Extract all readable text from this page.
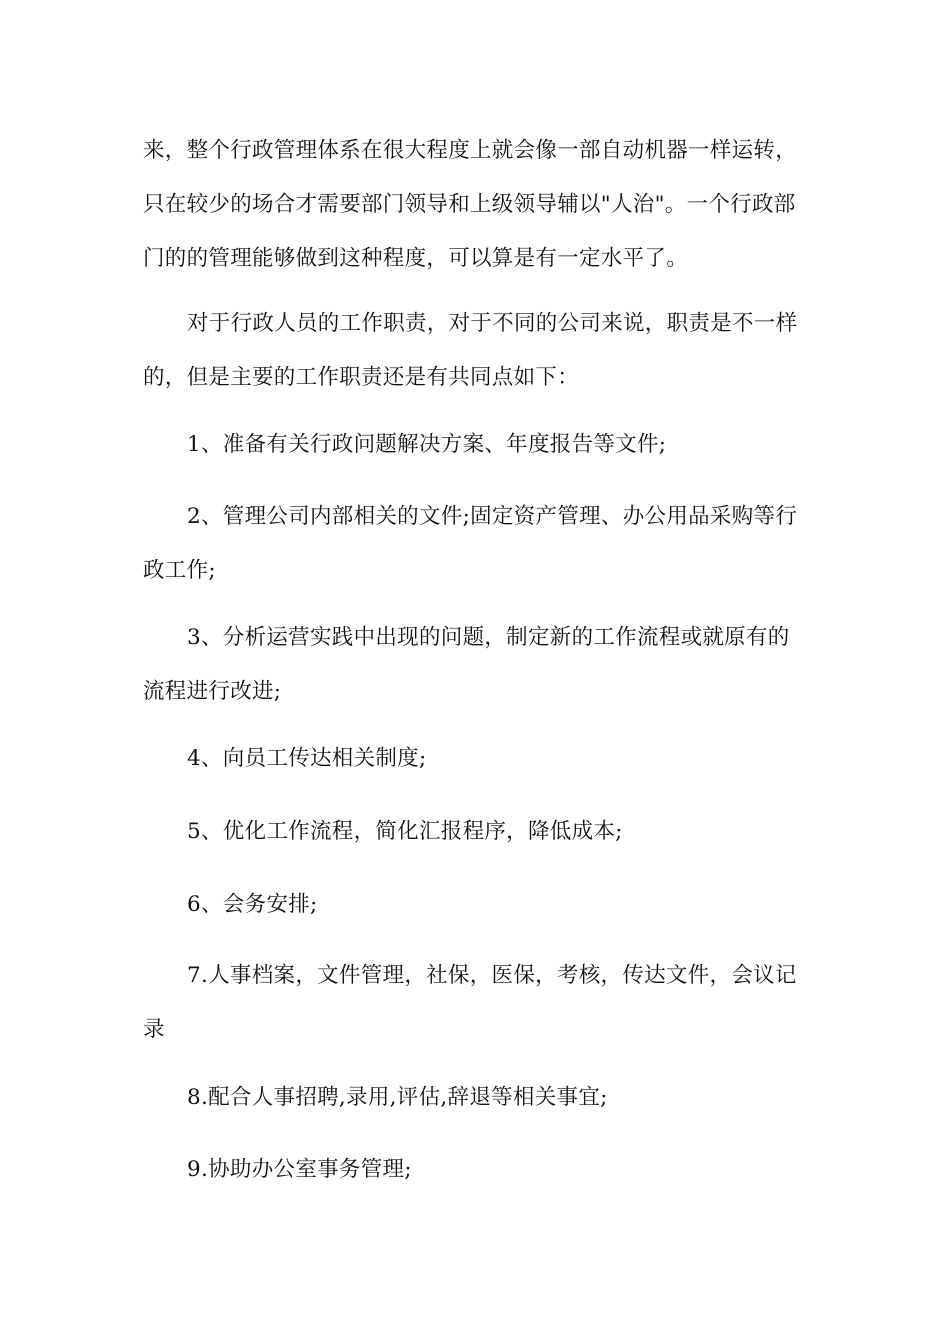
来，整个行政管理体系在很大程度上就会像一部自动机器一样运转，
只在较少的场合才需要部门领导和上级领导辅以"人治"。一个行政部
门的的管理能够做到这种程度，可以算是有一定水平了。

对于行政人员的工作职责，对于不同的公司来说，职责是不一样
的，但是主要的工作职责还是有共同点如下：

1、准备有关行政问题解决方案、年度报告等文件;

2、管理公司内部相关的文件;固定资产管理、办公用品采购等行
政工作;

3、分析运营实践中出现的问题，制定新的工作流程或就原有的
流程进行改进;

4、向员工传达相关制度;

5、优化工作流程，简化汇报程序，降低成本;

6、会务安排;

7.人事档案，文件管理，社保，医保，考核，传达文件，会议记
录

8.配合人事招聘,录用,评估,辞退等相关事宜;

9.协助办公室事务管理;
